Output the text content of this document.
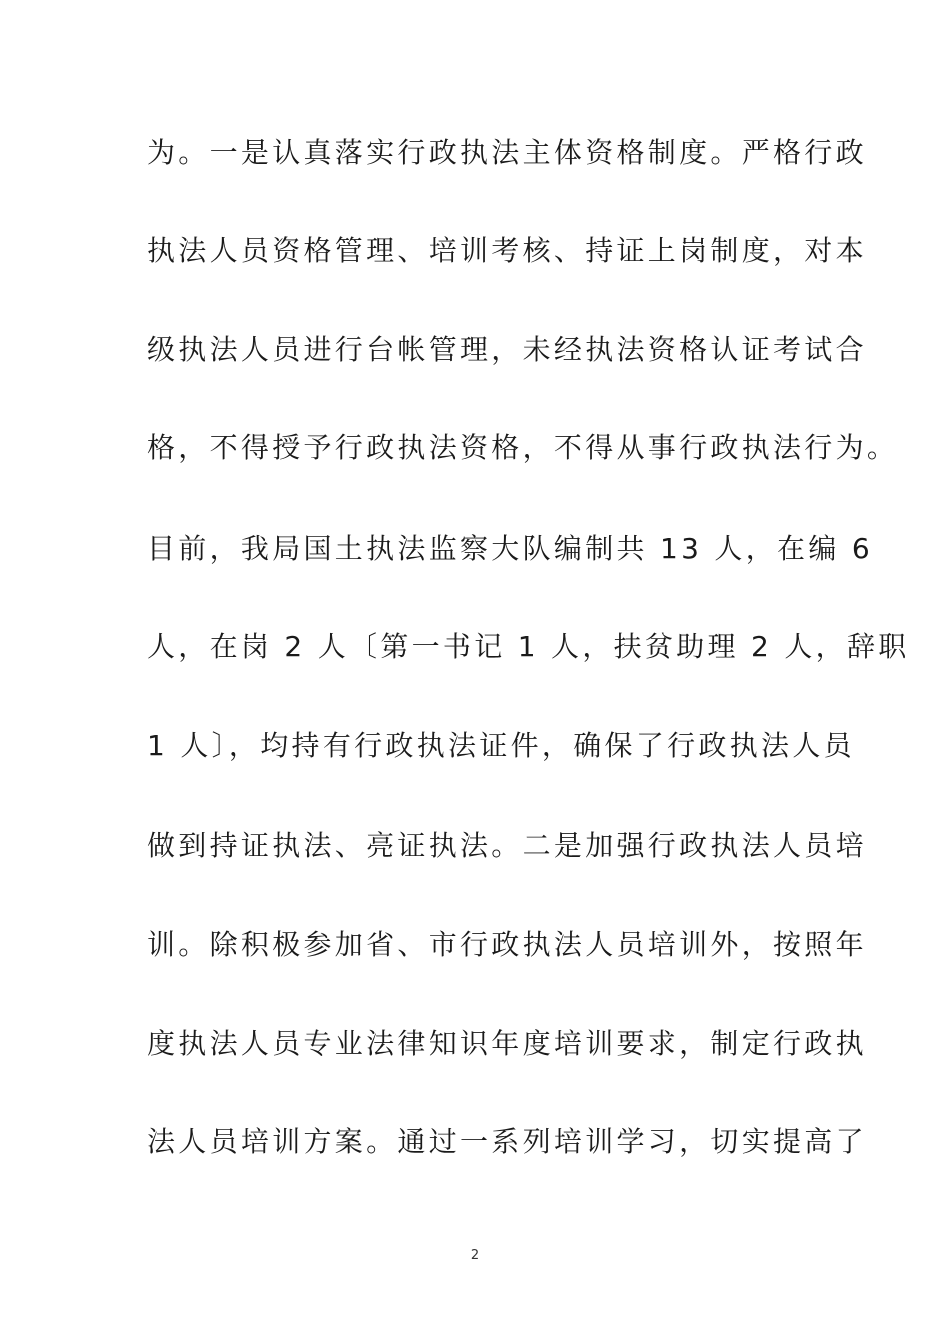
为。一是认真落实行政执法主体资格制度。严格行政
执法人员资格管理、培训考核、持证上岗制度，对本
级执法人员进行台帐管理，未经执法资格认证考试合
格，不得授予行政执法资格，不得从事行政执法行为。
目前，我局国土执法监察大队编制共 13 人，在编 6
人，在岗 2 人〔第一书记 1 人，扶贫助理 2 人，辞职
1 人〕，均持有行政执法证件，确保了行政执法人员
做到持证执法、亮证执法。二是加强行政执法人员培
训。除积极参加省、市行政执法人员培训外，按照年
度执法人员专业法律知识年度培训要求，制定行政执
法人员培训方案。通过一系列培训学习，切实提高了
2
